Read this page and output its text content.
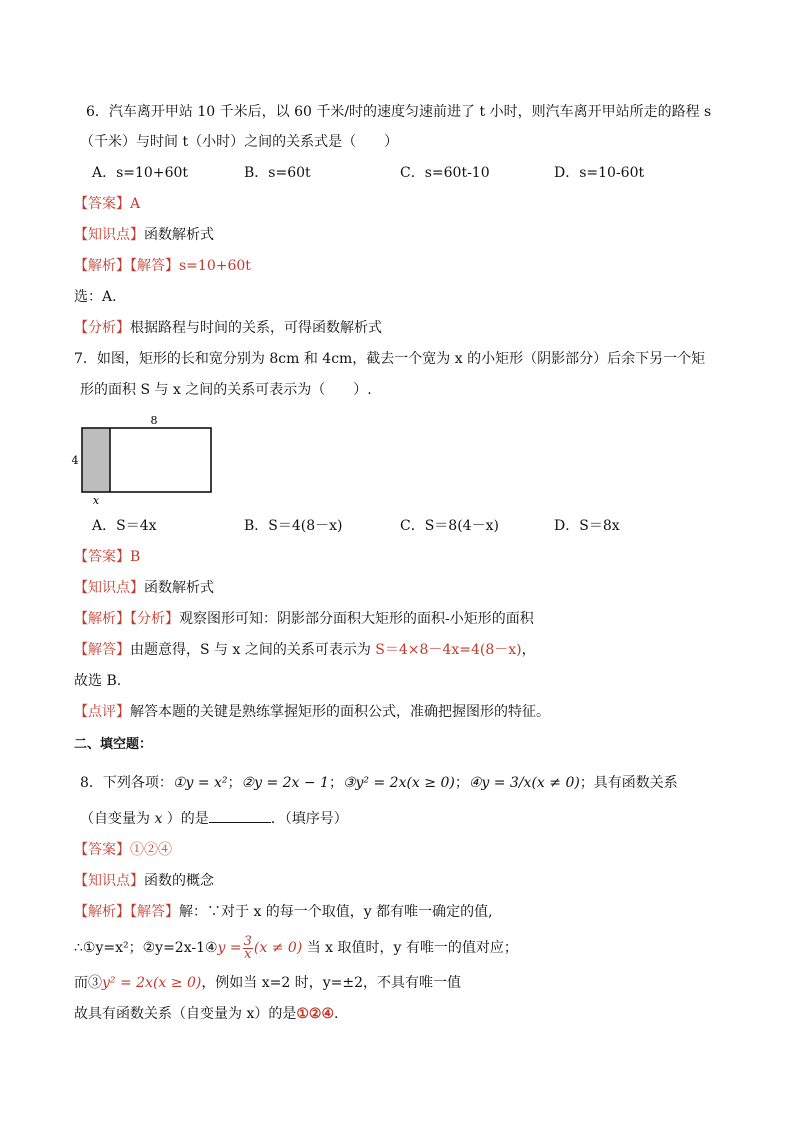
6．汽车离开甲站 10 千米后，以 60 千米/时的速度匀速前进了 t 小时，则汽车离开甲站所走的路程 s
（千米）与时间 t（小时）之间的关系式是（　　）
A．s=10+60t	B．s=60t	C．s=60t-10	D．s=10-60t
【答案】A
【知识点】函数解析式
【解析】【解答】s=10+60t
选：A．
【分析】根据路程与时间的关系，可得函数解析式
7．如图，矩形的长和宽分别为 8cm 和 4cm，截去一个宽为 x 的小矩形（阴影部分）后余下另一个矩
形的面积 S 与 x 之间的关系可表示为（　　）.
8
4
x
A．S＝4x	B．S＝4(8－x)	C．S＝8(4－x)	D．S＝8x
【答案】B
【知识点】函数解析式
【解析】【分析】观察图形可知：阴影部分面积大矩形的面积-小矩形的面积
【解答】由题意得，S 与 x 之间的关系可表示为 S＝4×8－4x=4(8－x)，
故选 B.
【点评】解答本题的关键是熟练掌握矩形的面积公式，准确把握图形的特征。
二、填空题：
8．下列各项：①y = x²；②y = 2x − 1；③y² = 2x(x ≥ 0)；④y = 3/x(x ≠ 0)；具有函数关系
（自变量为 x ）的是	．（填序号）
【答案】①②④
【知识点】函数的概念
【解析】【解答】解：∵对于 x 的每一个取值，y 都有唯一确定的值,
∴①y=x²；②y=2x-1④y = $\frac{3}{x} (x \ne 0)$ 当 x 取值时，y 有唯一的值对应；
而③y² = 2x(x ≥ 0)，例如当 x=2 时，y=±2，不具有唯一值
故具有函数关系（自变量为 x）的是①②④.
